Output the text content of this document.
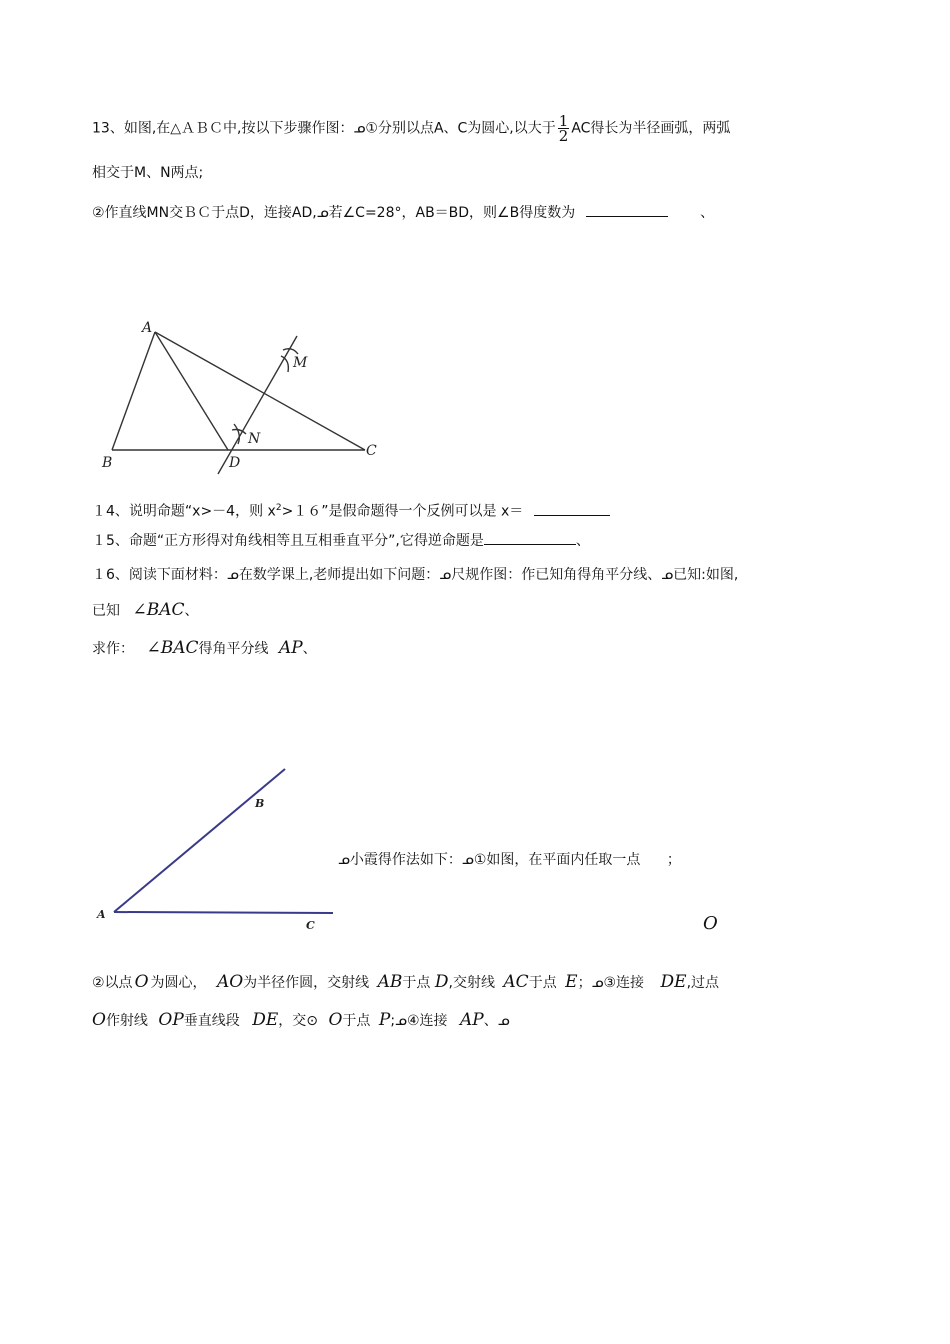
13、如图,在△ＡＢＣ中,按以下步骤作图：ᓄ①分别以点A、C为圆心,以大于 $\frac{1}{2}$ AC得长为半径画弧，两弧
相交于M、N两点;
②作直线MN交ＢＣ于点D，连接AD,ᓄ若∠C=28°，AB＝BD，则∠B得度数为	、
A
B
C
D
M
N
１4、说明命题“x>－4，则 $x^2>16$”是假命题得一个反例可以是 x＝
１5、命题“正方形得对角线相等且互相垂直平分”,它得逆命题是	、
１6、阅读下面材料：ᓄ在数学课上,老师提出如下问题：ᓄ尺规作图：作已知角得角平分线、ᓄ已知:如图,
已知 ∠BAC、
求作： ∠BAC得角平分线 AP、
A
B
C
ᓄ小霞得作法如下：ᓄ①如图，在平面内任取一点 ；
O
②以点 O 为圆心， AO为半径作圆，交射线 AB于点 D,交射线 AC于点 E；ᓄ③连接 DE,过点
O作射线 OP垂直线段 DE，交⊙ O于点 P;ᓄ④连接 AP、ᓄ
